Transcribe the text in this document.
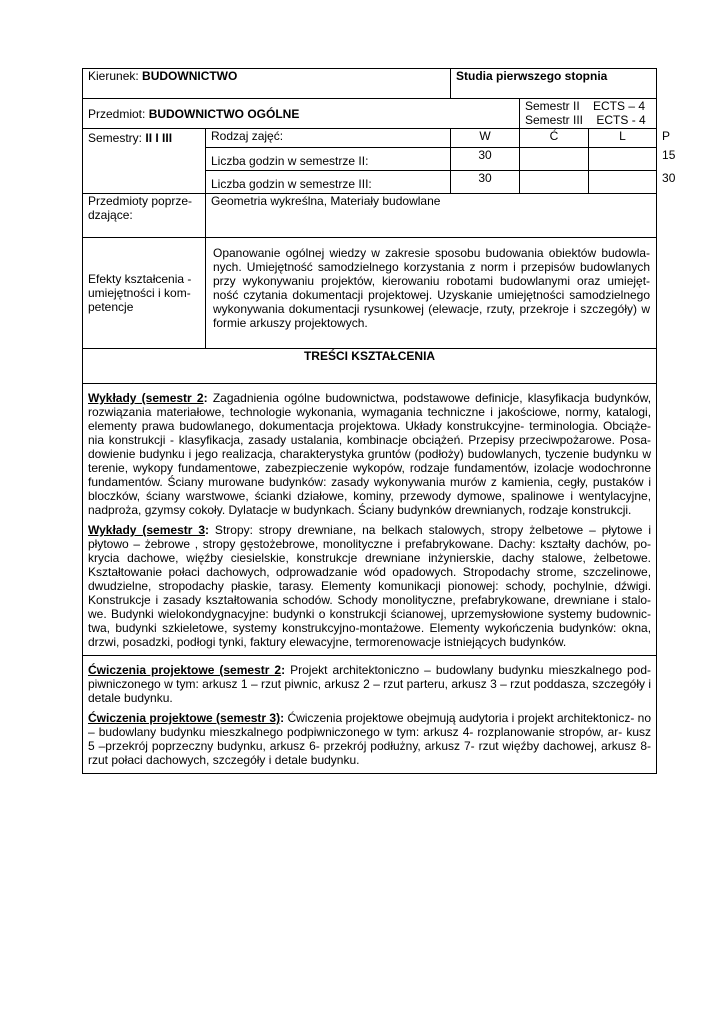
Kierunek: BUDOWNICTWO		Studia pierwszego stopnia			
Przedmiot: BUDOWNICTWO OGÓLNE			Semestr II    ECTS – 4
Semestr III    ECTS - 4		

Semestry: II I III	Rodzaj zajęć:	W	Ć	L	P
	Liczba godzin w semestrze II:	30			15
	Liczba godzin w semestrze III:	30			30
Przedmioty poprze- dzające:	Geometria wykreślna, Materiały budowlane				
Efekty kształcenia - umiejętności i kom- petencje	Opanowanie ogólnej wiedzy w zakresie sposobu budowania obiektów budowla- nych. Umiejętność samodzielnego korzystania z norm i przepisów budowlanych przy wykonywaniu projektów, kierowaniu robotami budowlanymi oraz umiejęt- ność czytania dokumentacji projektowej. Uzyskanie umiejętności samodzielnego wykonywania dokumentacji rysunkowej (elewacje, rzuty, przekroje i szczegóły) w formie arkuszy projektowych.				
TREŚCI KSZTAŁCENIA					

Wykłady (semestr 2: Zagadnienia ogólne budownictwa, podstawowe definicje, klasyfikacja budynków, rozwiązania materiałowe, technologie wykonania, wymagania techniczne i jakościowe, normy, katalogi, elementy prawa budowlanego, dokumentacja projektowa. Układy konstrukcyjne- terminologia. Obciąże- nia konstrukcji - klasyfikacja, zasady ustalania, kombinacje obciążeń. Przepisy przeciwpożarowe. Posa- dowienie budynku i jego realizacja, charakterystyka gruntów (podłoży) budowlanych, tyczenie budynku w terenie, wykopy fundamentowe, zabezpieczenie wykopów, rodzaje fundamentów, izolacje wodochronne fundamentów. Ściany murowane budynków: zasady wykonywania murów z kamienia, cegły, pustaków i bloczków, ściany warstwowe, ścianki działowe, kominy, przewody dymowe, spalinowe i wentylacyjne, nadproża, gzymsy cokoły. Dylatacje w budynkach. Ściany budynków drewnianych, rodzaje konstrukcji.

Wykłady (semestr 3: Stropy: stropy drewniane, na belkach stalowych, stropy żelbetowe – płytowe i płytowo – żebrowe , stropy gęstożebrowe, monolityczne i prefabrykowane. Dachy: kształty dachów, po- krycia dachowe, więźby ciesielskie, konstrukcje drewniane inżynierskie, dachy stalowe, żelbetowe. Kształtowanie połaci dachowych, odprowadzanie wód opadowych. Stropodachy strome, szczelinowe, dwudzielne, stropodachy płaskie, tarasy. Elementy komunikacji pionowej: schody, pochylnie, dźwigi. Konstrukcje i zasady kształtowania schodów. Schody monolityczne, prefabrykowane, drewniane i stalo- we. Budynki wielokondygnacyjne: budynki o konstrukcji ścianowej, uprzemysłowione systemy budownic- twa, budynki szkieletowe, systemy konstrukcyjno-montażowe. Elementy wykończenia budynków: okna, drzwi, posadzki, podłogi tynki, faktury elewacyjne, termorenowacje istniejących budynków.					

Ćwiczenia projektowe (semestr 2: Projekt architektoniczno – budowlany budynku mieszkalnego pod- piwniczonego w tym: arkusz 1 – rzut piwnic, arkusz 2 – rzut parteru, arkusz 3 – rzut poddasza, szczegóły i detale budynku.

Ćwiczenia projektowe (semestr 3): Ćwiczenia projektowe obejmują audytoria i projekt architektonicz- no – budowlany budynku mieszkalnego podpiwniczonego w tym: arkusz 4- rozplanowanie stropów, ar- kusz 5 –przekrój poprzeczny budynku, arkusz 6- przekrój podłużny, arkusz 7- rzut więźby dachowej, arkusz 8- rzut połaci dachowych, szczegóły i detale budynku.					
